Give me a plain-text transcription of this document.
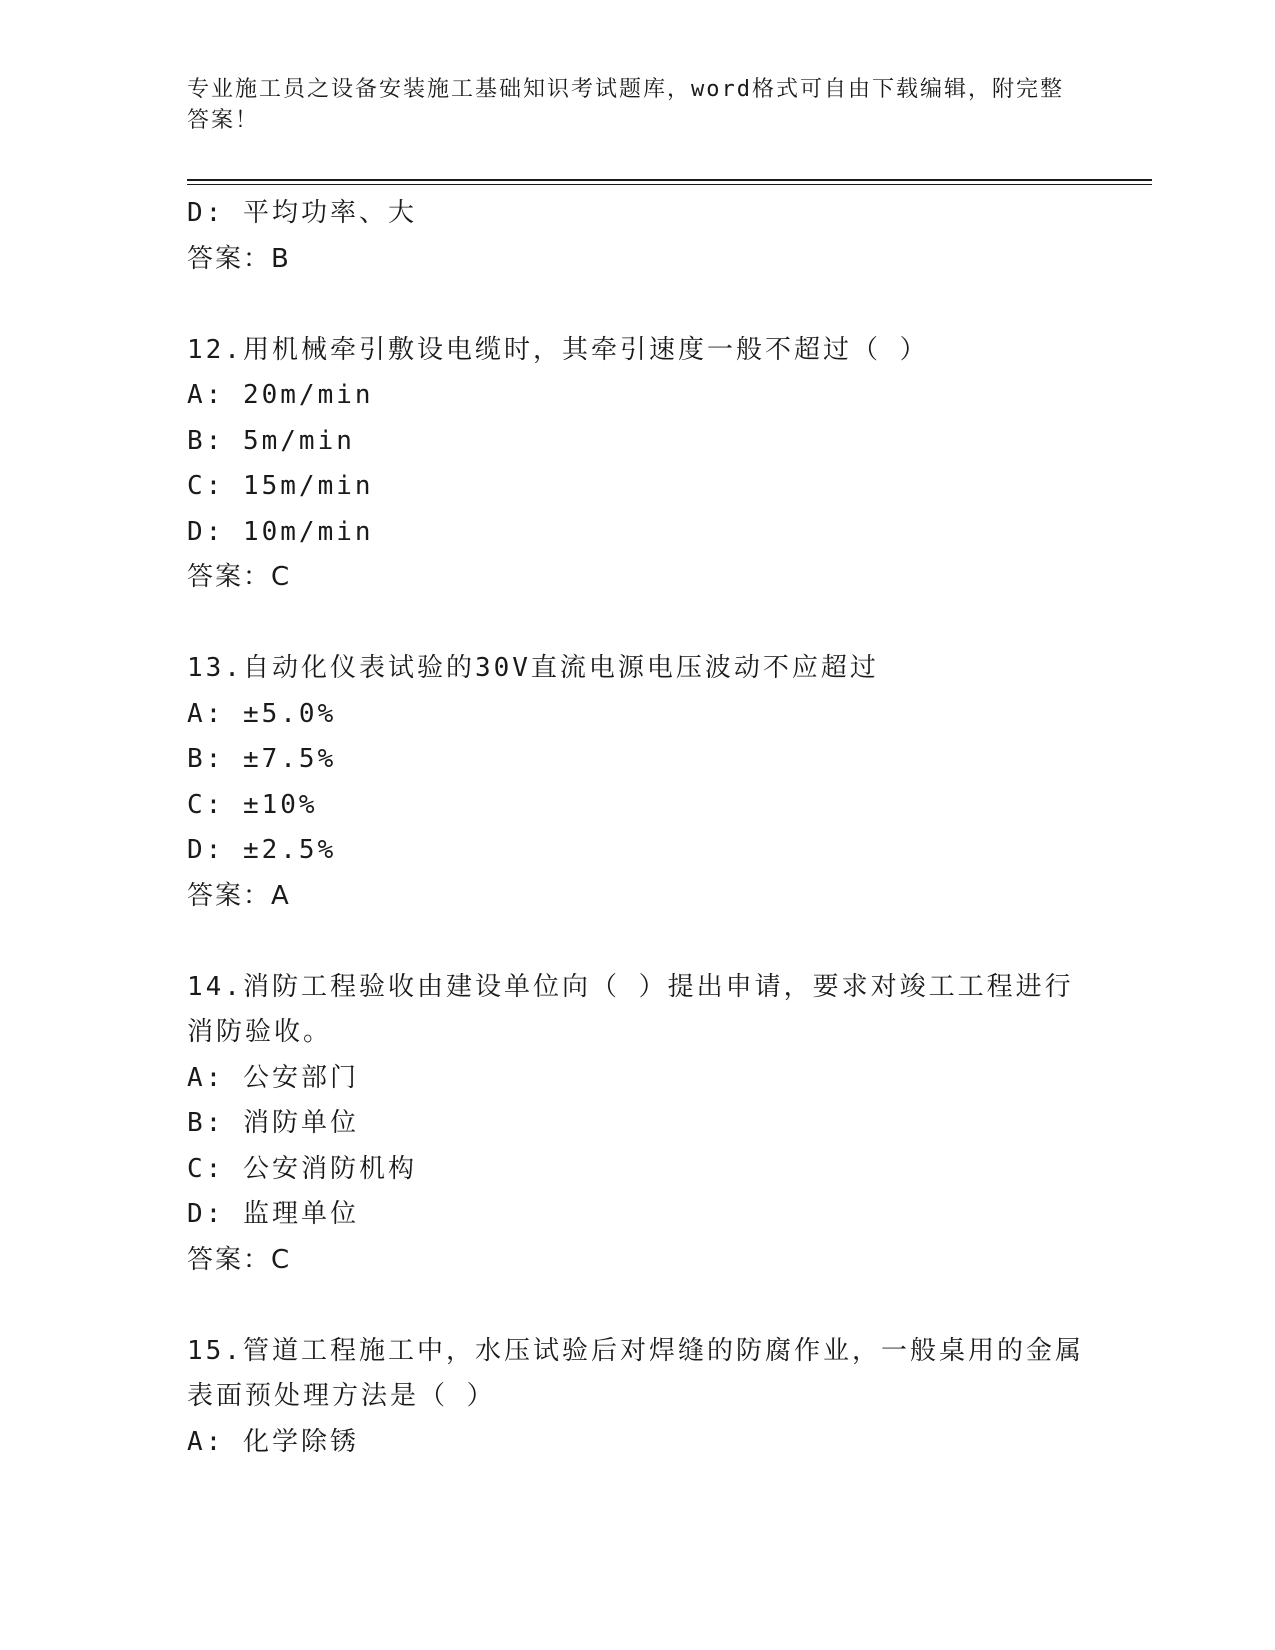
专业施工员之设备安装施工基础知识考试题库，word格式可自由下载编辑，附完整答案！
D: 平均功率、大
答案：B
12.用机械牵引敷设电缆时，其牵引速度一般不超过（ ）
A: 20m/min
B: 5m/min
C: 15m/min
D: 10m/min
答案：C
13.自动化仪表试验的30V直流电源电压波动不应超过
A: ±5.0%
B: ±7.5%
C: ±10%
D: ±2.5%
答案：A
14.消防工程验收由建设单位向（ ）提出申请，要求对竣工工程进行消防验收。
A: 公安部门
B: 消防单位
C: 公安消防机构
D: 监理单位
答案：C
15.管道工程施工中，水压试验后对焊缝的防腐作业，一般桌用的金属表面预处理方法是（ ）
A: 化学除锈
